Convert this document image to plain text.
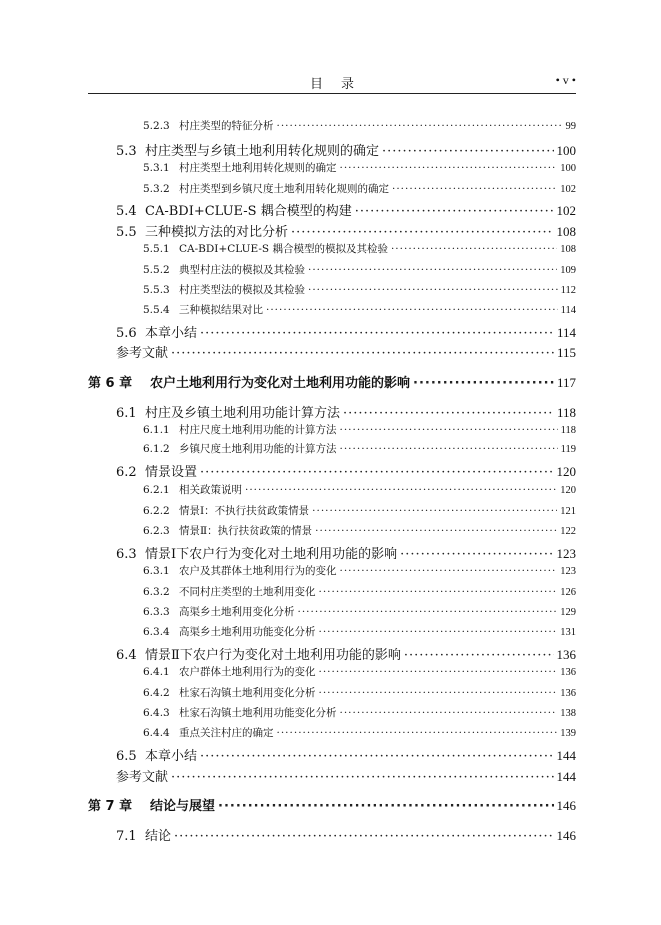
目录	• v •
5.2.3 村庄类型的特征分析 ·····	99
5.3 村庄类型与乡镇土地利用转化规则的确定 ·····	100
5.3.1 村庄类型土地利用转化规则的确定 ·····	100
5.3.2 村庄类型到乡镇尺度土地利用转化规则的确定 ·····	102
5.4 CA-BDI+CLUE-S 耦合模型的构建 ·····	102
5.5 三种模拟方法的对比分析 ·····	108
5.5.1 CA-BDI+CLUE-S 耦合模型的模拟及其检验 ·····	108
5.5.2 典型村庄法的模拟及其检验 ·····	109
5.5.3 村庄类型法的模拟及其检验 ·····	112
5.5.4 三种模拟结果对比 ·····	114
5.6 本章小结 ·····	114
参考文献 ·····	115
第 6 章	农户土地利用行为变化对土地利用功能的影响 ·····	117
6.1 村庄及乡镇土地利用功能计算方法 ·····	118
6.1.1 村庄尺度土地利用功能的计算方法 ·····	118
6.1.2 乡镇尺度土地利用功能的计算方法 ·····	119
6.2 情景设置 ·····	120
6.2.1 相关政策说明 ·····	120
6.2.2 情景Ⅰ：不执行扶贫政策情景 ·····	121
6.2.3 情景Ⅱ：执行扶贫政策的情景 ·····	122
6.3 情景Ⅰ下农户行为变化对土地利用功能的影响 ·····	123
6.3.1 农户及其群体土地利用行为的变化 ·····	123
6.3.2 不同村庄类型的土地利用变化 ·····	126
6.3.3 高渠乡土地利用变化分析 ·····	129
6.3.4 高渠乡土地利用功能变化分析 ·····	131
6.4 情景Ⅱ下农户行为变化对土地利用功能的影响 ·····	136
6.4.1 农户群体土地利用行为的变化 ·····	136
6.4.2 杜家石沟镇土地利用变化分析 ·····	136
6.4.3 杜家石沟镇土地利用功能变化分析 ·····	138
6.4.4 重点关注村庄的确定 ·····	139
6.5 本章小结 ·····	144
参考文献 ·····	144
第 7 章	结论与展望 ·····	146
7.1 结论 ·····	146
